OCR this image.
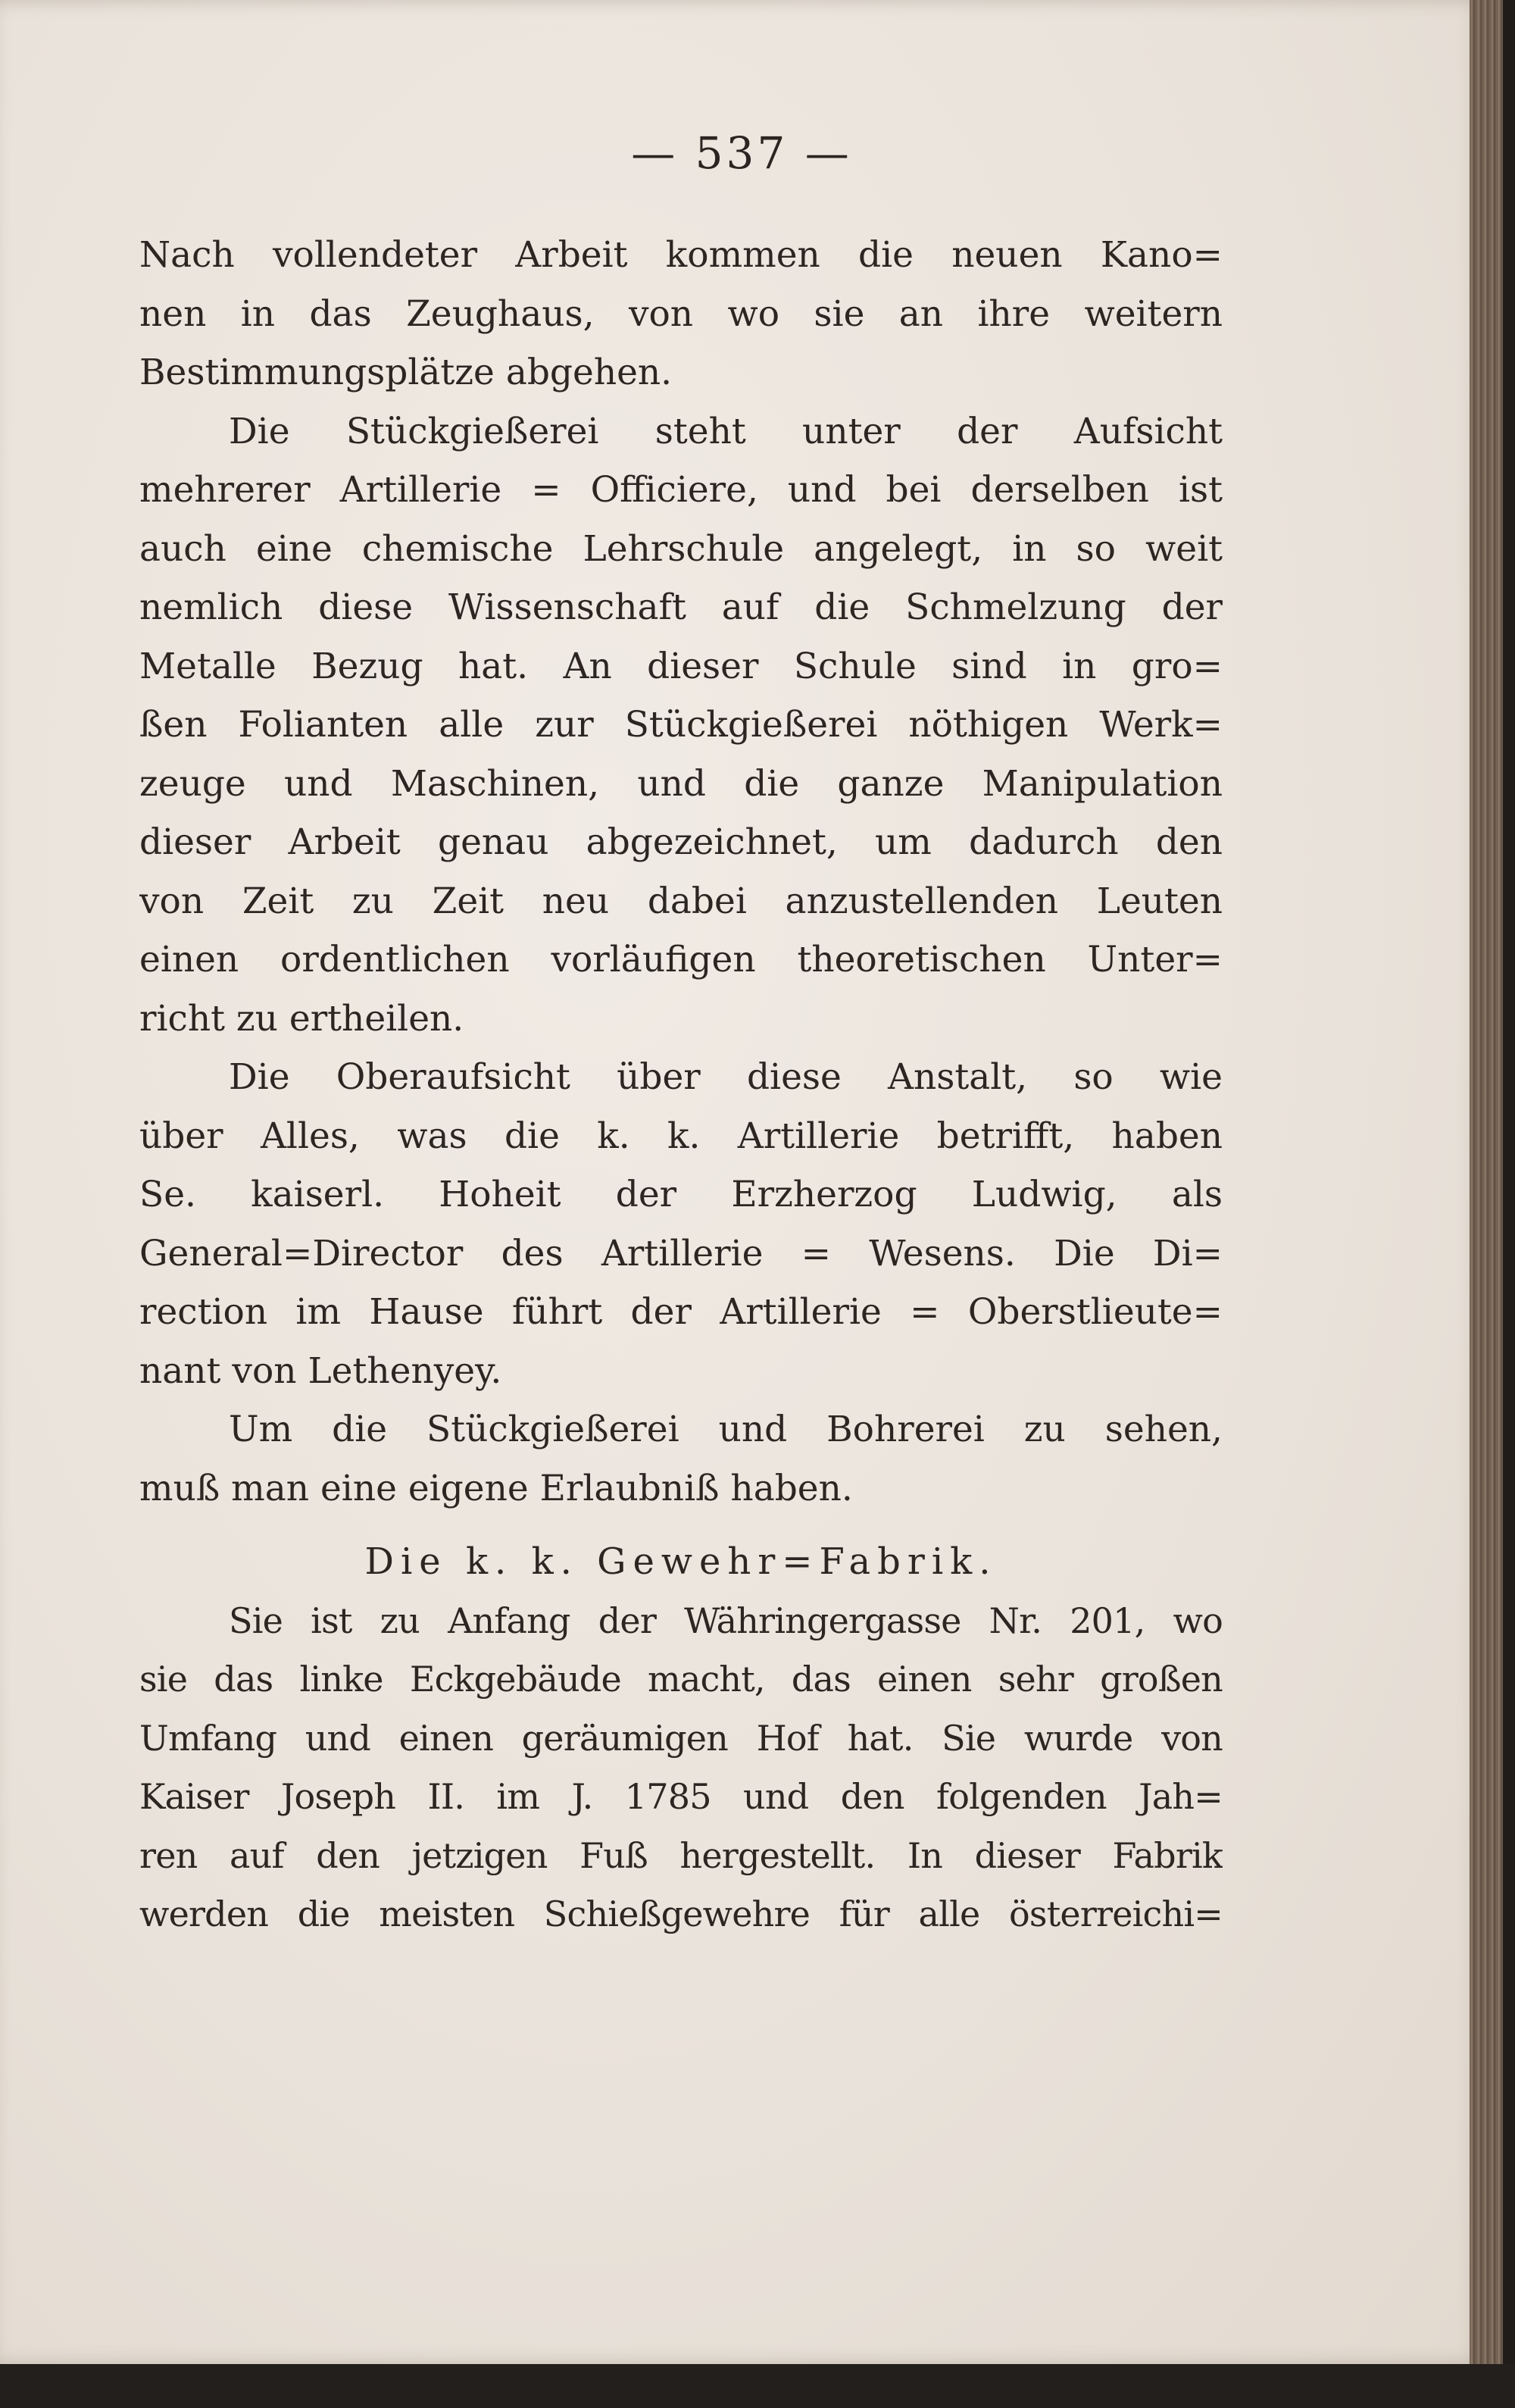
— 537 —
Nach vollendeter Arbeit kommen die neuen Kano=
nen in das Zeughaus, von wo sie an ihre weitern
Bestimmungsplätze abgehen.
Die Stückgießerei steht unter der Aufsicht
mehrerer Artillerie = Officiere, und bei derselben ist
auch eine chemische Lehrschule angelegt, in so weit
nemlich diese Wissenschaft auf die Schmelzung der
Metalle Bezug hat. An dieser Schule sind in gro=
ßen Folianten alle zur Stückgießerei nöthigen Werk=
zeuge und Maschinen, und die ganze Manipulation
dieser Arbeit genau abgezeichnet, um dadurch den
von Zeit zu Zeit neu dabei anzustellenden Leuten
einen ordentlichen vorläufigen theoretischen Unter=
richt zu ertheilen.
Die Oberaufsicht über diese Anstalt, so wie
über Alles, was die k. k. Artillerie betrifft, haben
Se. kaiserl. Hoheit der Erzherzog Ludwig, als
General=Director des Artillerie = Wesens. Die Di=
rection im Hause führt der Artillerie = Oberstlieute=
nant von Lethenyey.
Um die Stückgießerei und Bohrerei zu sehen,
muß man eine eigene Erlaubniß haben.
Die k. k. Gewehr=Fabrik.
Sie ist zu Anfang der Währingergasse Nr. 201, wo
sie das linke Eckgebäude macht, das einen sehr großen
Umfang und einen geräumigen Hof hat. Sie wurde von
Kaiser Joseph II. im J. 1785 und den folgenden Jah=
ren auf den jetzigen Fuß hergestellt. In dieser Fabrik
werden die meisten Schießgewehre für alle österreichi=
